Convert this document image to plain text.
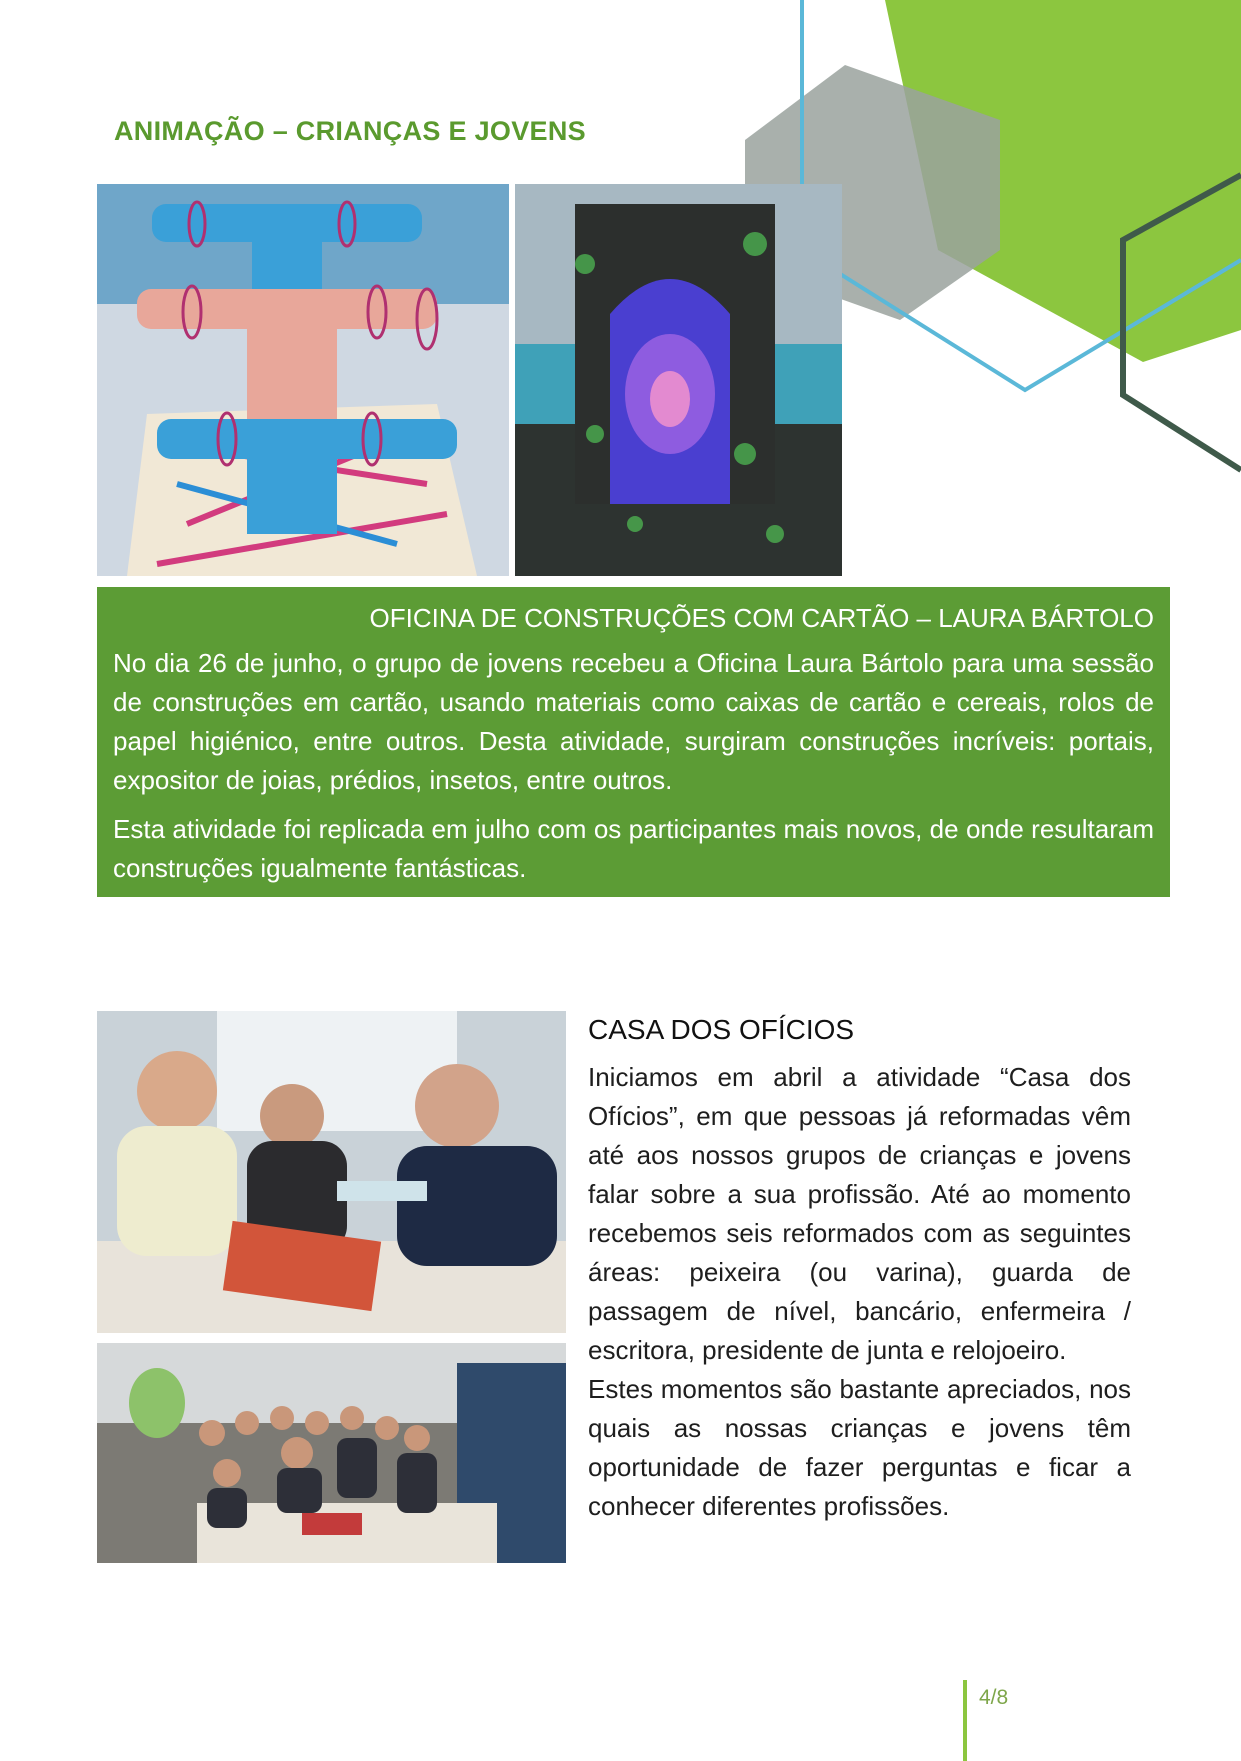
ANIMAÇÃO – CRIANÇAS E JOVENS
OFICINA DE CONSTRUÇÕES COM CARTÃO – LAURA BÁRTOLO

No dia 26 de junho, o grupo de jovens recebeu a Oficina Laura Bártolo para uma sessão de construções em cartão, usando materiais como caixas de cartão e cereais, rolos de papel higiénico, entre outros. Desta atividade, surgiram construções incríveis: portais, expositor de joias, prédios, insetos, entre outros.

Esta atividade foi replicada em julho com os participantes mais novos, de onde resultaram construções igualmente fantásticas.

CASA DOS OFÍCIOS

Iniciamos em abril a atividade “Casa dos Ofícios”, em que pessoas já reformadas vêm até aos nossos grupos de crianças e jovens falar sobre a sua profissão. Até ao momento recebemos seis reformados com as seguintes áreas: peixeira (ou varina), guarda de passagem de nível, bancário, enfermeira / escritora, presidente de junta e relojoeiro.

Estes momentos são bastante apreciados, nos quais as nossas crianças e jovens têm oportunidade de fazer perguntas e ficar a conhecer diferentes profissões.

4/8
